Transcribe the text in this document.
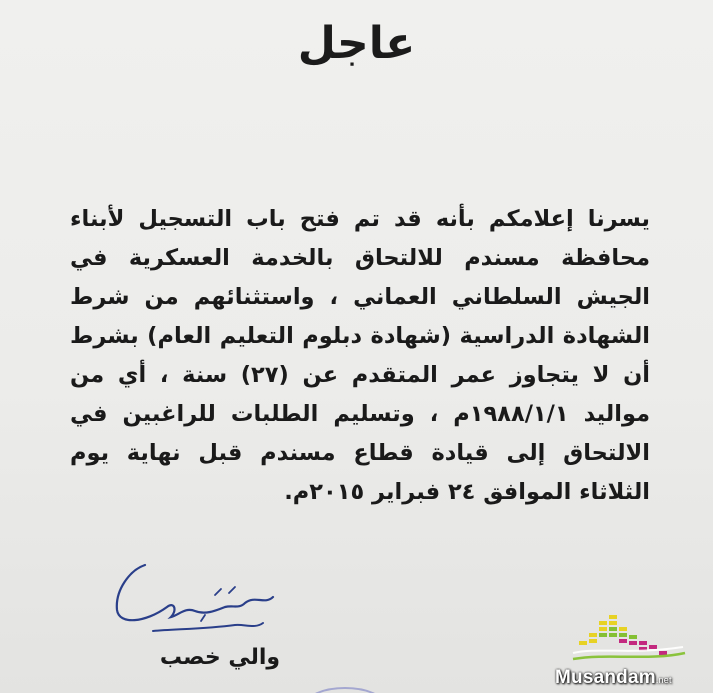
عاجل
يسرنا إعلامكم بأنه قد تم فتح باب التسجيل لأبناء محافظة مسندم للالتحاق بالخدمة العسكرية في الجيش السلطاني العماني ، واستثنائهم من شرط الشهادة الدراسية (شهادة دبلوم التعليم العام) بشرط أن لا يتجاوز عمر المتقدم عن (٢٧) سنة ، أي من مواليد ١٩٨٨/١/١م ، وتسليم الطلبات للراغبين في الالتحاق إلى قيادة قطاع مسندم قبل نهاية يوم الثلاثاء الموافق ٢٤ فبراير ٢٠١٥م.
والي خصب
Musandam.net
